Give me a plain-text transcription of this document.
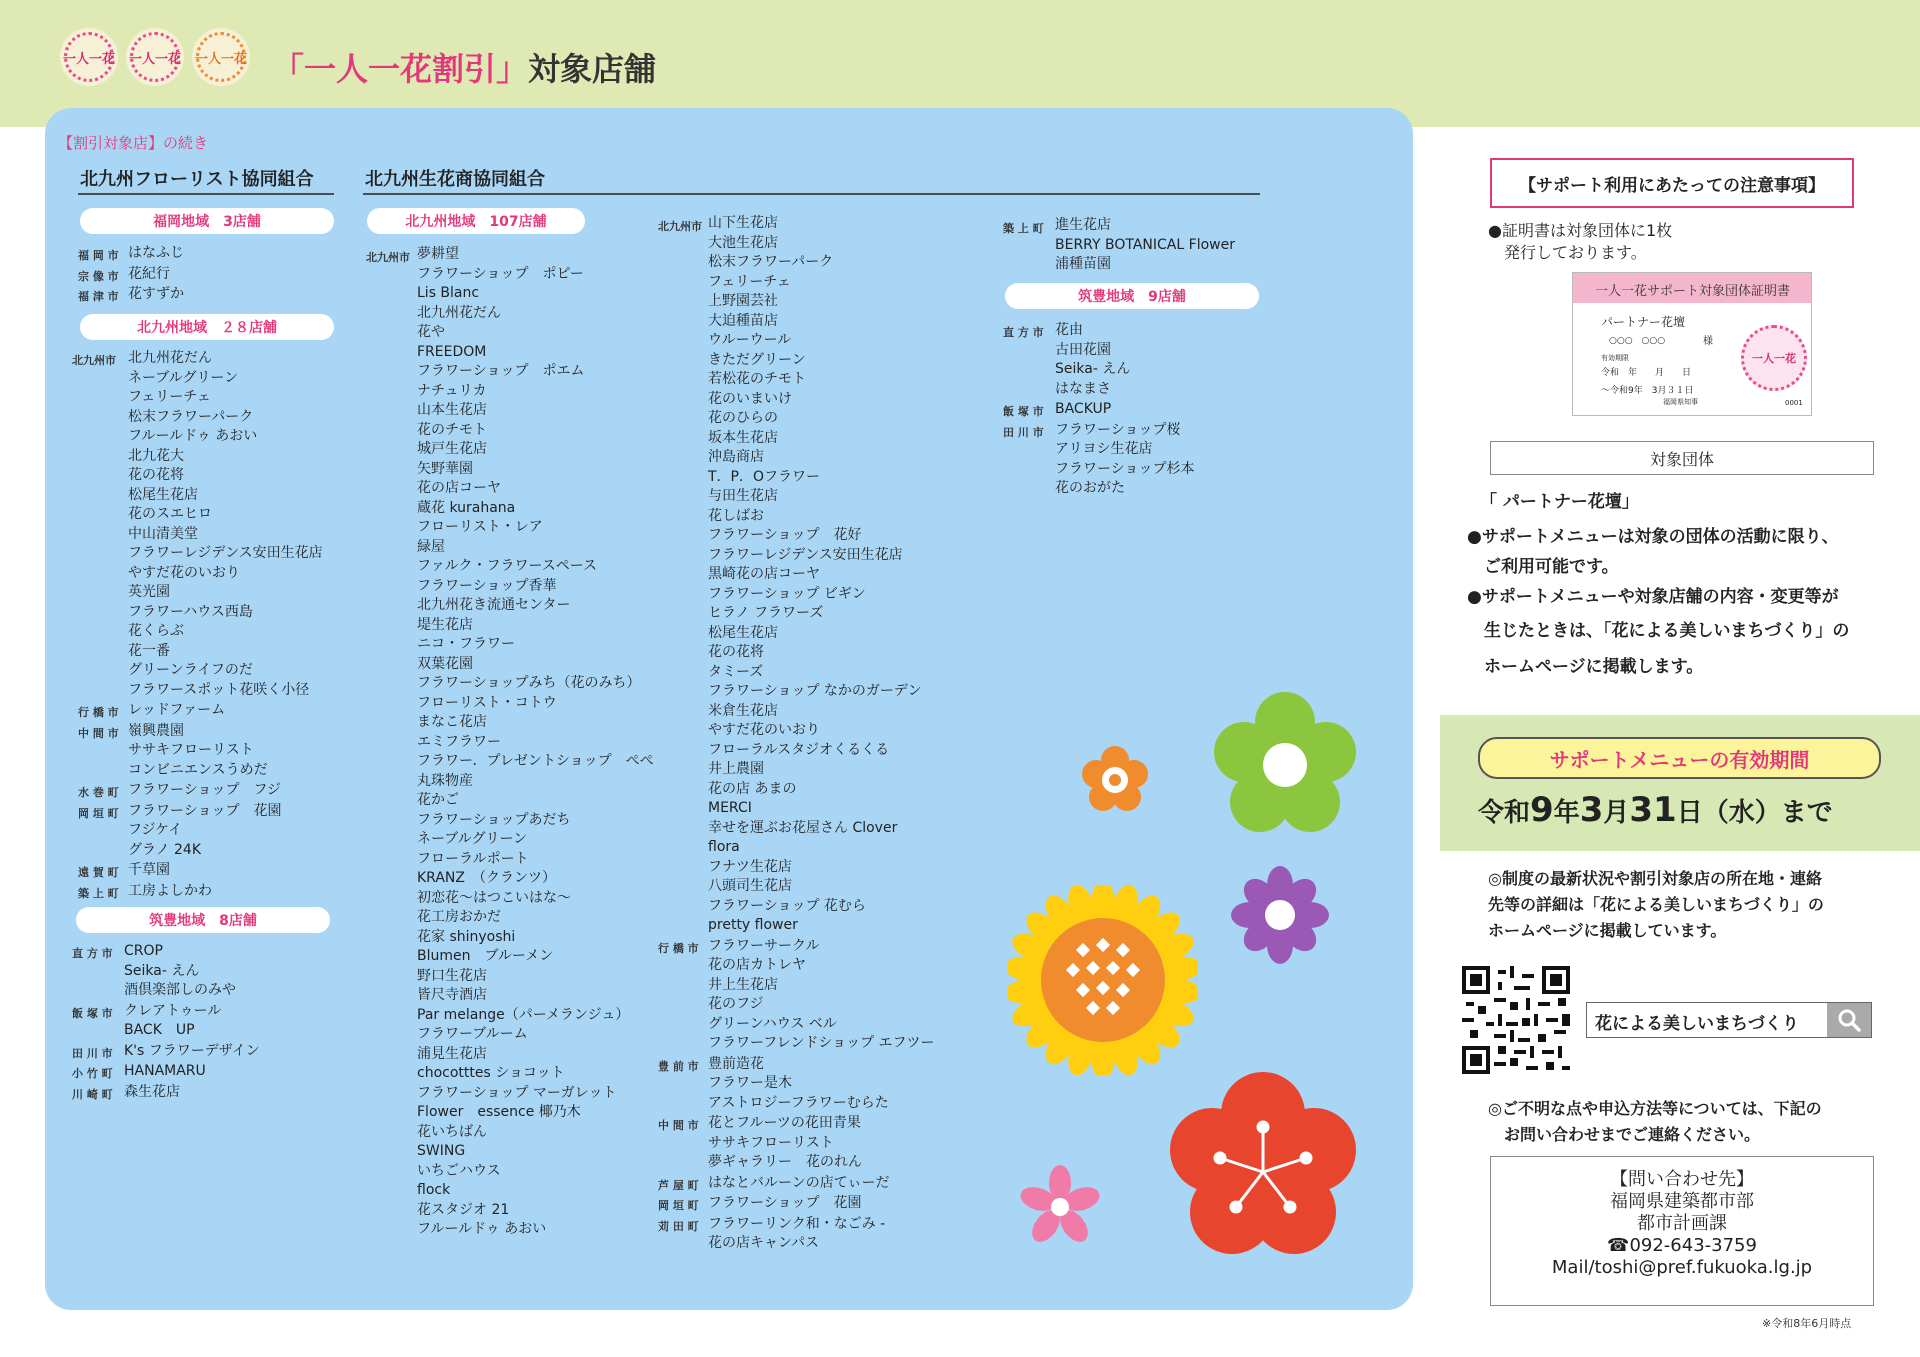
一人一花 一人一花 一人一花 「一人一花割引」対象店舗
【割引対象店】の続き
北九州フローリスト協同組合	北九州生花商協同組合
福岡地域　3店舗
福 岡 市 はなふじ
宗 像 市 花紀行
福 津 市 花すずか
北九州地域　２８店舗
北九州市 北九州花だん
ネーブルグリーン
フェリーチェ
松末フラワーパーク
フルールドゥ あおい
北九花大
花の花将
松尾生花店
花のスエヒロ
中山清美堂
フラワーレジデンス安田生花店
やすだ花のいおり
英光園
フラワーハウス西島
花くらぶ
花一番
グリーンライフのだ
フラワースポット花咲く小径
行 橋 市 レッドファーム
中 間 市 嶺興農園
ササキフローリスト
コンビニエンスうめだ
水 巻 町 フラワーショップ　フジ
岡 垣 町 フラワーショップ　花園
フジケイ
グラノ 24K
遠 賀 町 千草園
築 上 町 工房よしかわ
筑豊地域　8店舗
直 方 市 CROP
Seika- えん
酒倶楽部しのみや
飯 塚 市 クレアトゥール
BACK　UP
田 川 市 K's フラワーデザイン
小 竹 町 HANAMARU
川 崎 町 森生花店
北九州地域　107店舗
北九州市 夢耕望
フラワーショップ　ポピー
Lis Blanc
北九州花だん
花や
FREEDOM
フラワーショップ　ポエム
ナチュリカ
山本生花店
花のチモト
城戸生花店
矢野華園
花の店コーヤ
蔵花 kurahana
フローリスト・レア
緑屋
ファルク・フラワースペース
フラワーショップ香華
北九州花き流通センター
堤生花店
ニコ・フラワー
双葉花園
フラワーショップみち（花のみち）
フローリスト・コトウ
まなこ花店
エミフラワー
フラワー．プレゼントショップ　ぺぺ
丸珠物産
花かご
フラワーショップあだち
ネーブルグリーン
フローラルポート
KRANZ　（クランツ）
初恋花～はつこいはな～
花工房おかだ
花家 shinyoshi
Blumen　ブルーメン
野口生花店
皆尺寺酒店
Par melange（パーメランジュ）
フラワーブルーム
浦見生花店
chocotttes ショコット
フラワーショップ マーガレット
Flower　essence 椰乃木
花いちばん
SWING
いちごハウス
flock
花スタジオ 21
フルールドゥ あおい
北九州市 山下生花店
大池生花店
松末フラワーパーク
フェリーチェ
上野園芸社
大迫種苗店
ウルーウール
きただグリーン
若松花のチモト
花のいまいけ
花のひらの
坂本生花店
沖島商店
T．P．Oフラワー
与田生花店
花しばお
フラワーショップ　花好
フラワーレジデンス安田生花店
黒崎花の店コーヤ
フラワーショップ ビギン
ヒラノ フラワーズ
松尾生花店
花の花将
タミーズ
フラワーショップ なかのガーデン
米倉生花店
やすだ花のいおり
フローラルスタジオくるくる
井上農園
花の店 あまの
MERCI
幸せを運ぶお花屋さん Clover
flora
フナツ生花店
八頭司生花店
フラワーショップ 花むら
pretty flower
行 橋 市 フラワーサークル
花の店カトレヤ
井上生花店
花のフジ
グリーンハウス ベル
フラワーフレンドショップ エフツー
豊 前 市 豊前造花
フラワー是木
アストロジーフラワーむらた
中 間 市 花とフルーツの花田青果
ササキフローリスト
夢ギャラリー　花のれん
芦 屋 町 はなとバルーンの店てぃーだ
岡 垣 町 フラワーショップ　花園
苅 田 町 フラワーリンク和・なごみ -
花の店キャンパス
築 上 町 進生花店
BERRY BOTANICAL Flower
浦種苗園
筑豊地域　9店舗
直 方 市 花由
古田花園
Seika- えん
はなまさ
飯 塚 市 BACKUP
田 川 市 フラワーショップ桜
アリヨシ生花店
フラワーショップ杉本
花のおがた
【サポート利用にあたっての注意事項】
●証明書は対象団体に1枚
　発行しております。
一人一花サポート対象団体証明書
パートナー花壇
○○○　○○○	様
有効期限
令和　年　　月　　日
～令和9年　3月３１日
福岡県知事	0001
一人一花
対象団体
「 パートナー花壇」
●サポートメニューは対象の団体の活動に限り、
ご利用可能です。
●サポートメニューや対象店舗の内容・変更等が
生じたときは、「花による美しいまちづくり」の
ホームページに掲載します。
サポートメニューの有効期間
令和9年3月31日（水）まで
◎制度の最新状況や割引対象店の所在地・連絡
先等の詳細は「花による美しいまちづくり」の
ホームページに掲載しています。
花による美しいまちづくり
◎ご不明な点や申込方法等については、下記の
お問い合わせまでご連絡ください。
【問い合わせ先】
福岡県建築都市部
都市計画課
☎092-643-3759
Mail/toshi@pref.fukuoka.lg.jp
※令和8年6月時点
